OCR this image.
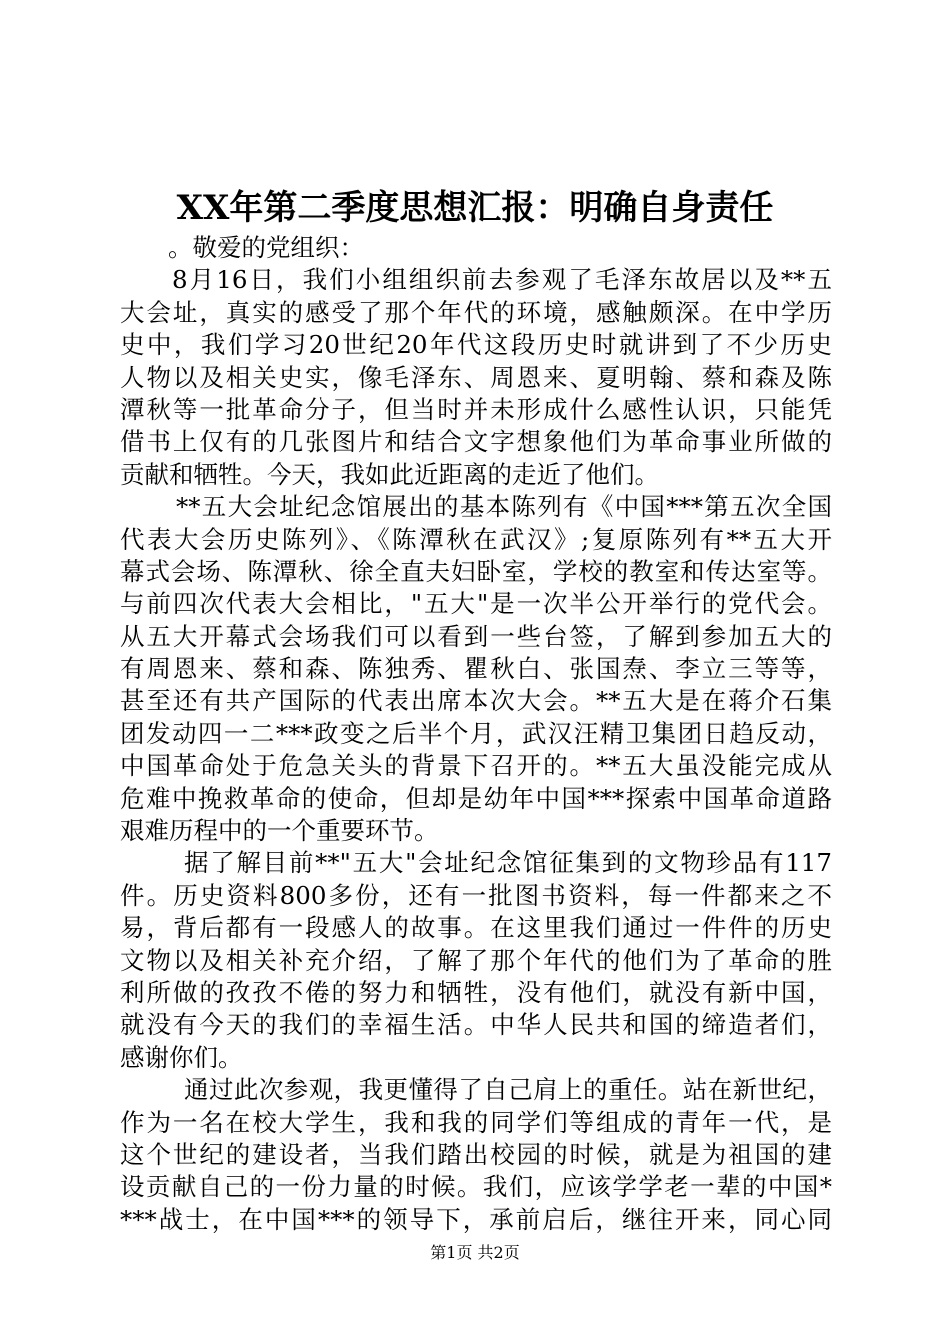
XX年第二季度思想汇报：明确自身责任
。敬爱的党组织：
8月16日，我们小组组织前去参观了毛泽东故居以及**五
大会址，真实的感受了那个年代的环境，感触颇深。在中学历
史中，我们学习20世纪20年代这段历史时就讲到了不少历史
人物以及相关史实，像毛泽东、周恩来、夏明翰、蔡和森及陈
潭秋等一批革命分子，但当时并未形成什么感性认识，只能凭
借书上仅有的几张图片和结合文字想象他们为革命事业所做的
贡献和牺牲。今天，我如此近距离的走近了他们。
**五大会址纪念馆展出的基本陈列有《中国***第五次全国
代表大会历史陈列》、《陈潭秋在武汉》;复原陈列有**五大开
幕式会场、陈潭秋、徐全直夫妇卧室，学校的教室和传达室等。
与前四次代表大会相比，"五大"是一次半公开举行的党代会。
从五大开幕式会场我们可以看到一些台签，了解到参加五大的
有周恩来、蔡和森、陈独秀、瞿秋白、张国焘、李立三等等，
甚至还有共产国际的代表出席本次大会。**五大是在蒋介石集
团发动四一二***政变之后半个月，武汉汪精卫集团日趋反动，
中国革命处于危急关头的背景下召开的。**五大虽没能完成从
危难中挽救革命的使命，但却是幼年中国***探索中国革命道路
艰难历程中的一个重要环节。
据了解目前**"五大"会址纪念馆征集到的文物珍品有117
件。历史资料800多份，还有一批图书资料，每一件都来之不
易，背后都有一段感人的故事。在这里我们通过一件件的历史
文物以及相关补充介绍，了解了那个年代的他们为了革命的胜
利所做的孜孜不倦的努力和牺牲，没有他们，就没有新中国，
就没有今天的我们的幸福生活。中华人民共和国的缔造者们，
感谢你们。
通过此次参观，我更懂得了自己肩上的重任。站在新世纪，
作为一名在校大学生，我和我的同学们等组成的青年一代，是
这个世纪的建设者，当我们踏出校园的时候，就是为祖国的建
设贡献自己的一份力量的时候。我们，应该学学老一辈的中国*
***战士，在中国***的领导下，承前启后，继往开来，同心同
第1页 共2页
